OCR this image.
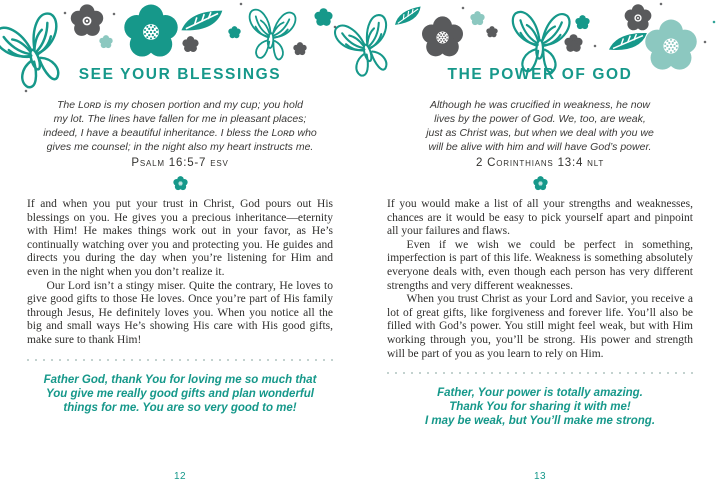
SEE YOUR BLESSINGS
The Lᴏʀᴅ is my chosen portion and my cup; you hold
my lot. The lines have fallen for me in pleasant places;
indeed, I have a beautiful inheritance. I bless the Lᴏʀᴅ who
gives me counsel; in the night also my heart instructs me.
Psalm 16:5-7 esv

If and when you put your trust in Christ, God pours out His blessings on you. He gives you a precious inheritance—eternity with Him! He makes things work out in your favor, as He’s continually watching over you and protecting you. He guides and directs you during the day when you’re listening for Him and even in the night when you don’t realize it.

Our Lord isn’t a stingy miser. Quite the contrary, He loves to give good gifts to those He loves. Once you’re part of His family through Jesus, He definitely loves you. When you notice all the big and small ways He’s showing His care with His good gifts, make sure to thank Him!

Father God, thank You for loving me so much that
You give me really good gifts and plan wonderful
things for me. You are so very good to me!
12
THE POWER OF GOD
Although he was crucified in weakness, he now
lives by the power of God. We, too, are weak,
just as Christ was, but when we deal with you we
will be alive with him and will have God’s power.
2 Corinthians 13:4 nlt

If you would make a list of all your strengths and weaknesses, chances are it would be easy to pick yourself apart and pinpoint all your failures and flaws.

Even if we wish we could be perfect in something, imperfection is part of this life. Weakness is something absolutely everyone deals with, even though each person has very different strengths and very different weaknesses.

When you trust Christ as your Lord and Savior, you receive a lot of great gifts, like forgiveness and forever life. You’ll also be filled with God’s power. You still might feel weak, but with Him working through you, you’ll be strong. His power and strength will be part of you as you learn to rely on Him.

Father, Your power is totally amazing.
Thank You for sharing it with me!
I may be weak, but You’ll make me strong.
13
